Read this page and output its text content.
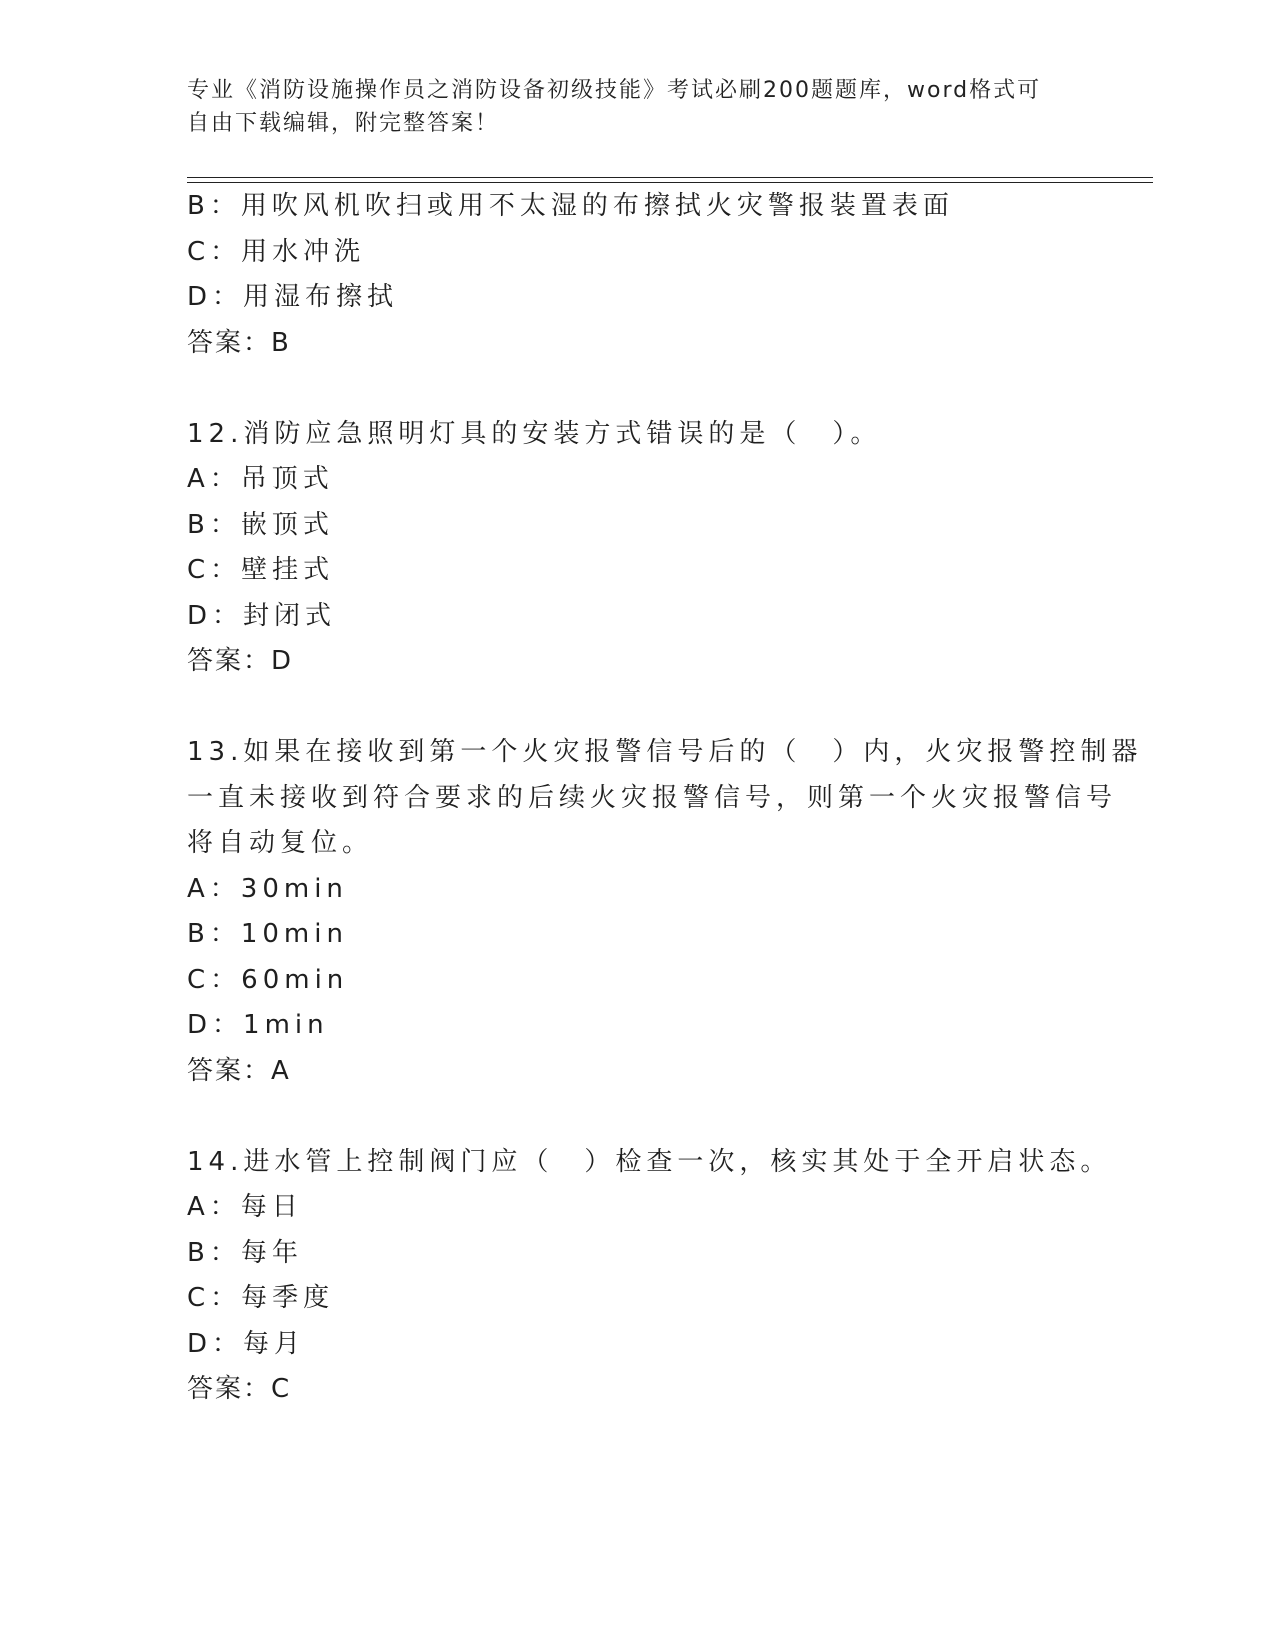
专业《消防设施操作员之消防设备初级技能》考试必刷200题题库，word格式可
自由下载编辑，附完整答案！
B：用吹风机吹扫或用不太湿的布擦拭火灾警报装置表面
C：用水冲洗
D：用湿布擦拭
答案：B
12.消防应急照明灯具的安装方式错误的是（　）。
A：吊顶式
B：嵌顶式
C：壁挂式
D：封闭式
答案：D
13.如果在接收到第一个火灾报警信号后的（　）内，火灾报警控制器
一直未接收到符合要求的后续火灾报警信号，则第一个火灾报警信号
将自动复位。
A：30min
B：10min
C：60min
D：1min
答案：A
14.进水管上控制阀门应（　）检查一次，核实其处于全开启状态。
A：每日
B：每年
C：每季度
D：每月
答案：C
